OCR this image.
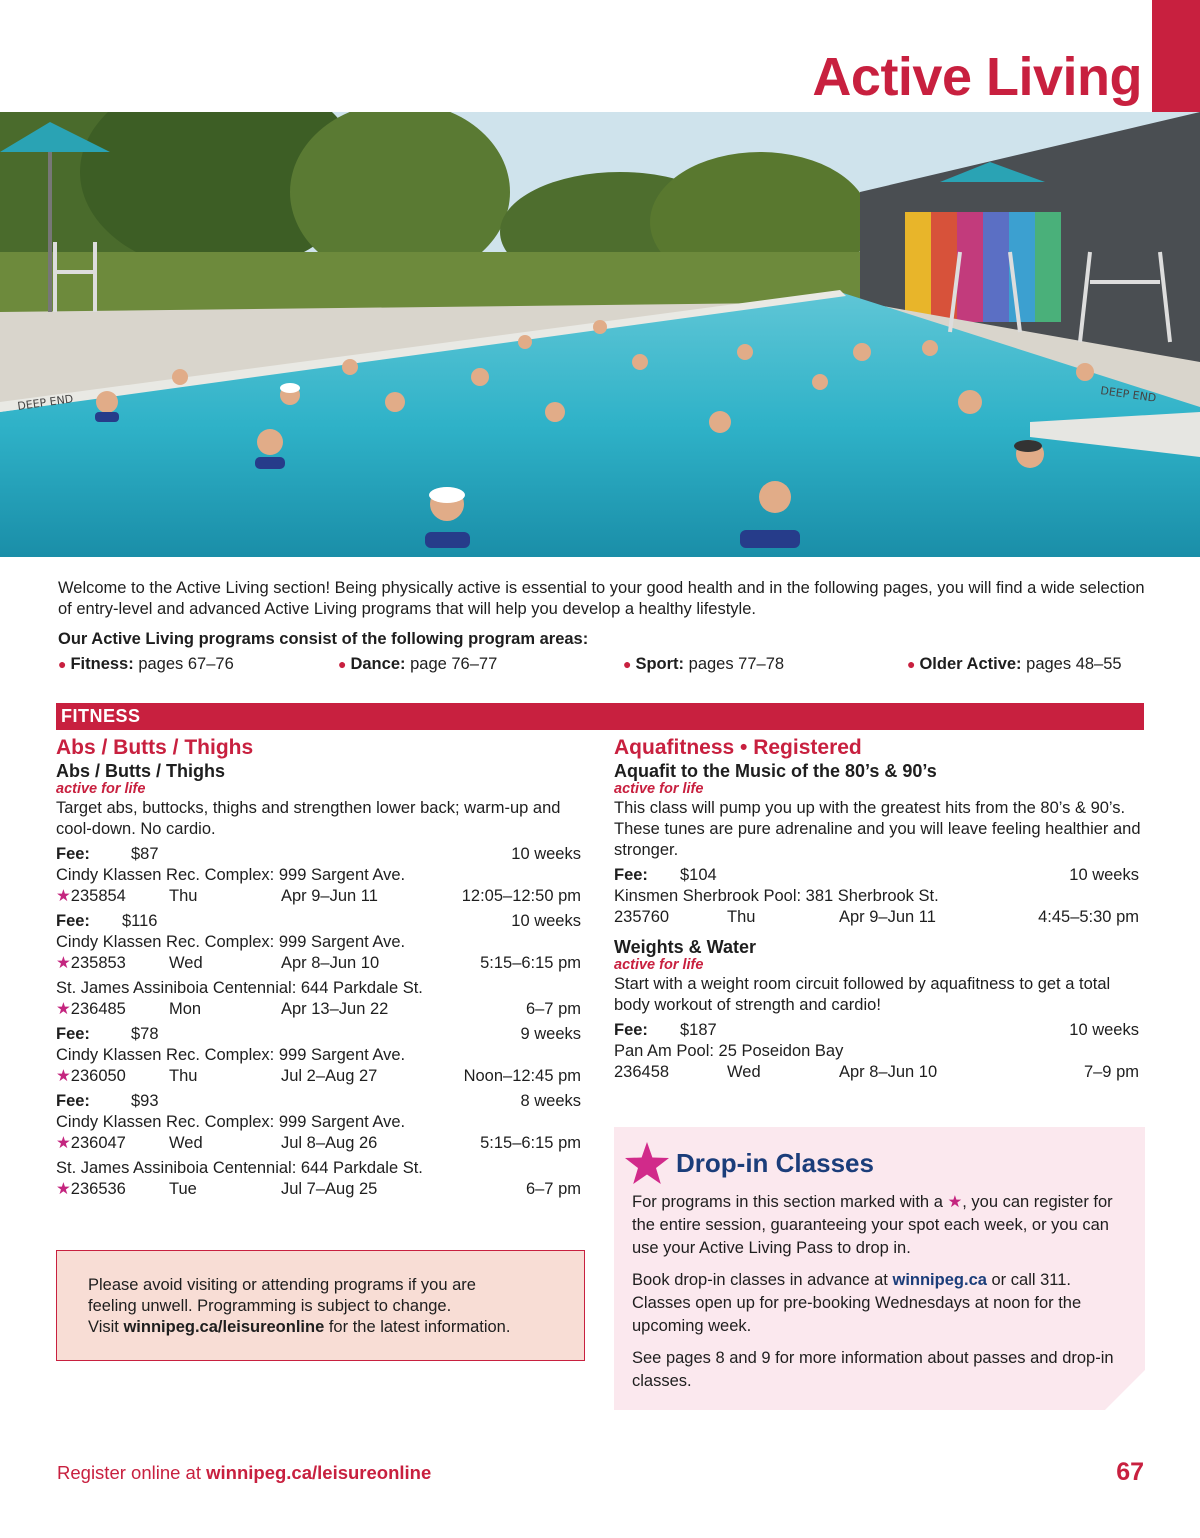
Active Living
DEEP END	DEEP END

Welcome to the Active Living section! Being physically active is essential to your good health and in the following pages, you will find a wide selection of entry-level and advanced Active Living programs that will help you develop a healthy lifestyle.

Our Active Living programs consist of the following program areas:

● Fitness: pages 67–76	● Dance: page 76–77	● Sport: pages 77–78	● Older Active: pages 48–55
FITNESS
Abs / Butts / Thighs
Abs / Butts / Thighs
active for life
Target abs, buttocks, thighs and strengthen lower back; warm-up and cool-down. No cardio.
Fee: $87	10 weeks
Cindy Klassen Rec. Complex: 999 Sargent Ave.
★235854	Thu	Apr 9–Jun 11	12:05–12:50 pm
Fee: $116	10 weeks
Cindy Klassen Rec. Complex: 999 Sargent Ave.
★235853	Wed	Apr 8–Jun 10	5:15–6:15 pm
St. James Assiniboia Centennial: 644 Parkdale St.
★236485	Mon	Apr 13–Jun 22	6–7 pm
Fee: $78	9 weeks
Cindy Klassen Rec. Complex: 999 Sargent Ave.
★236050	Thu	Jul 2–Aug 27	Noon–12:45 pm
Fee: $93	8 weeks
Cindy Klassen Rec. Complex: 999 Sargent Ave.
★236047	Wed	Jul 8–Aug 26	5:15–6:15 pm
St. James Assiniboia Centennial: 644 Parkdale St.
★236536	Tue	Jul 7–Aug 25	6–7 pm
Aquafitness • Registered
Aquafit to the Music of the 80’s & 90’s
active for life
This class will pump you up with the greatest hits from the 80’s & 90’s. These tunes are pure adrenaline and you will leave feeling healthier and stronger.
Fee: $104	10 weeks
Kinsmen Sherbrook Pool: 381 Sherbrook St.
235760	Thu	Apr 9–Jun 11	4:45–5:30 pm
Weights & Water
active for life
Start with a weight room circuit followed by aquafitness to get a total body workout of strength and cardio!
Fee: $187	10 weeks
Pan Am Pool: 25 Poseidon Bay
236458	Wed	Apr 8–Jun 10	7–9 pm
Please avoid visiting or attending programs if you are
feeling unwell. Programming is subject to change.
Visit winnipeg.ca/leisureonline for the latest information.
Drop-in Classes

For programs in this section marked with a ★, you can register for the entire session, guaranteeing your spot each week, or you can use your Active Living Pass to drop in.

Book drop-in classes in advance at winnipeg.ca or call 311. Classes open up for pre-booking Wednesdays at noon for the upcoming week.

See pages 8 and 9 for more information about passes and drop-in classes.

Register online at winnipeg.ca/leisureonline	67
